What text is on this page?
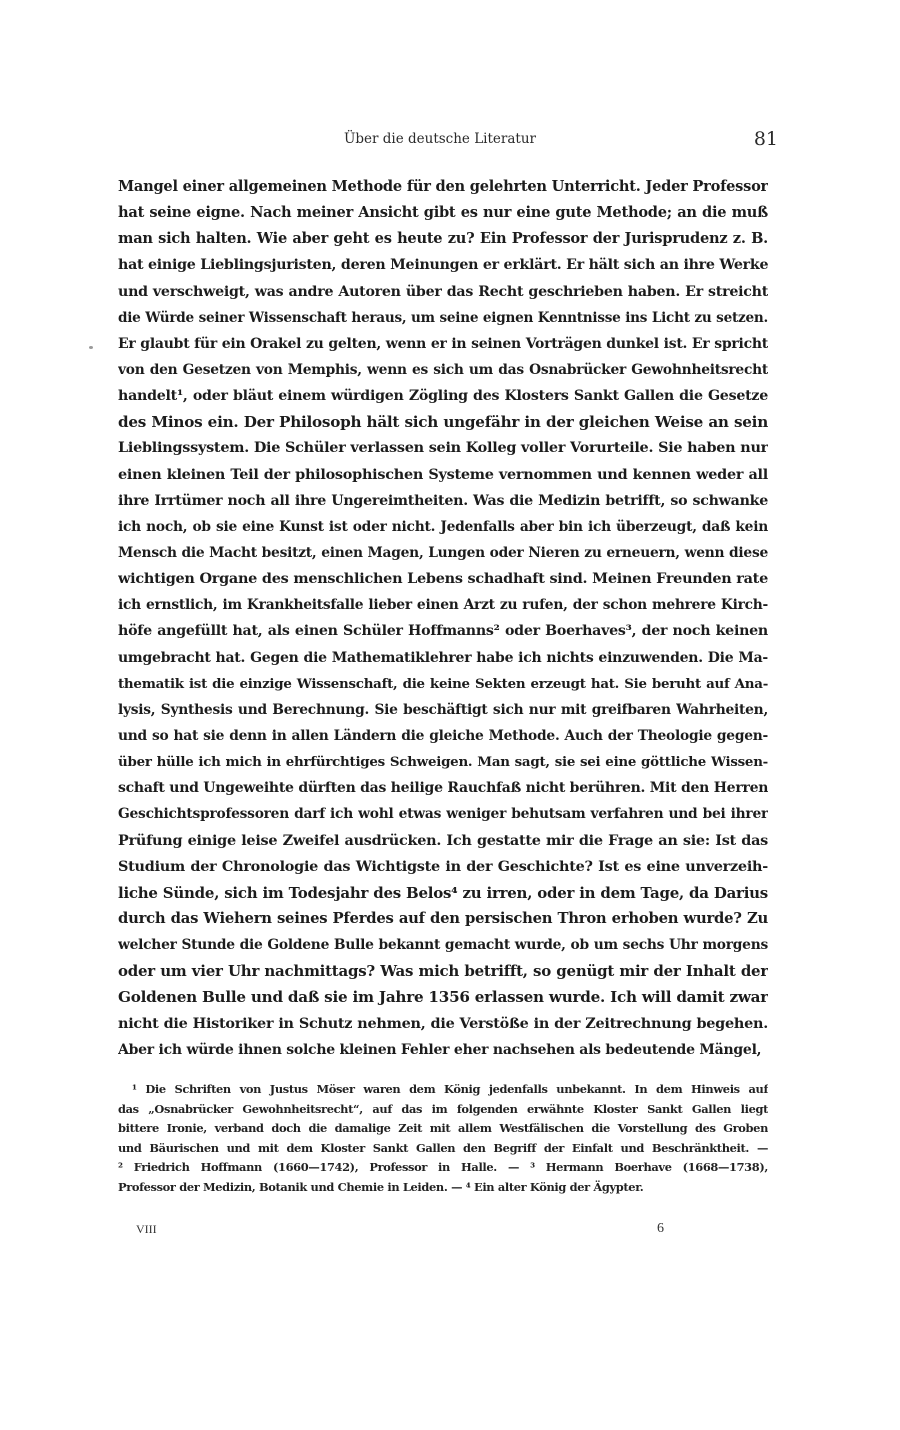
Über die deutsche Literatur	81
Mangel einer allgemeinen Methode für den gelehrten Unterricht. Jeder Professor
hat seine eigne. Nach meiner Ansicht gibt es nur eine gute Methode; an die muß
man sich halten. Wie aber geht es heute zu? Ein Professor der Jurisprudenz z. B.
hat einige Lieblingsjuristen, deren Meinungen er erklärt. Er hält sich an ihre Werke
und verschweigt, was andre Autoren über das Recht geschrieben haben. Er streicht
die Würde seiner Wissenschaft heraus, um seine eignen Kenntnisse ins Licht zu setzen.
Er glaubt für ein Orakel zu gelten, wenn er in seinen Vorträgen dunkel ist. Er spricht
von den Gesetzen von Memphis, wenn es sich um das Osnabrücker Gewohnheitsrecht
handelt¹, oder bläut einem würdigen Zögling des Klosters Sankt Gallen die Gesetze
des Minos ein. Der Philosoph hält sich ungefähr in der gleichen Weise an sein
Lieblingssystem. Die Schüler verlassen sein Kolleg voller Vorurteile. Sie haben nur
einen kleinen Teil der philosophischen Systeme vernommen und kennen weder all
ihre Irrtümer noch all ihre Ungereimtheiten. Was die Medizin betrifft, so schwanke
ich noch, ob sie eine Kunst ist oder nicht. Jedenfalls aber bin ich überzeugt, daß kein
Mensch die Macht besitzt, einen Magen, Lungen oder Nieren zu erneuern, wenn diese
wichtigen Organe des menschlichen Lebens schadhaft sind. Meinen Freunden rate
ich ernstlich, im Krankheitsfalle lieber einen Arzt zu rufen, der schon mehrere Kirch-
höfe angefüllt hat, als einen Schüler Hoffmanns² oder Boerhaves³, der noch keinen
umgebracht hat. Gegen die Mathematiklehrer habe ich nichts einzuwenden. Die Ma-
thematik ist die einzige Wissenschaft, die keine Sekten erzeugt hat. Sie beruht auf Ana-
lysis, Synthesis und Berechnung. Sie beschäftigt sich nur mit greifbaren Wahrheiten,
und so hat sie denn in allen Ländern die gleiche Methode. Auch der Theologie gegen-
über hülle ich mich in ehrfürchtiges Schweigen. Man sagt, sie sei eine göttliche Wissen-
schaft und Ungeweihte dürften das heilige Rauchfaß nicht berühren. Mit den Herren
Geschichtsprofessoren darf ich wohl etwas weniger behutsam verfahren und bei ihrer
Prüfung einige leise Zweifel ausdrücken. Ich gestatte mir die Frage an sie: Ist das
Studium der Chronologie das Wichtigste in der Geschichte? Ist es eine unverzeih-
liche Sünde, sich im Todesjahr des Belos⁴ zu irren, oder in dem Tage, da Darius
durch das Wiehern seines Pferdes auf den persischen Thron erhoben wurde? Zu
welcher Stunde die Goldene Bulle bekannt gemacht wurde, ob um sechs Uhr morgens
oder um vier Uhr nachmittags? Was mich betrifft, so genügt mir der Inhalt der
Goldenen Bulle und daß sie im Jahre 1356 erlassen wurde. Ich will damit zwar
nicht die Historiker in Schutz nehmen, die Verstöße in der Zeitrechnung begehen.
Aber ich würde ihnen solche kleinen Fehler eher nachsehen als bedeutende Mängel,
¹ Die Schriften von Justus Möser waren dem König jedenfalls unbekannt. In dem Hinweis auf
das „Osnabrücker Gewohnheitsrecht“, auf das im folgenden erwähnte Kloster Sankt Gallen liegt
bittere Ironie, verband doch die damalige Zeit mit allem Westfälischen die Vorstellung des Groben
und Bäurischen und mit dem Kloster Sankt Gallen den Begriff der Einfalt und Beschränktheit. —
² Friedrich Hoffmann (1660—1742), Professor in Halle. — ³ Hermann Boerhave (1668—1738),
Professor der Medizin, Botanik und Chemie in Leiden. — ⁴ Ein alter König der Ägypter.
VIII	6
